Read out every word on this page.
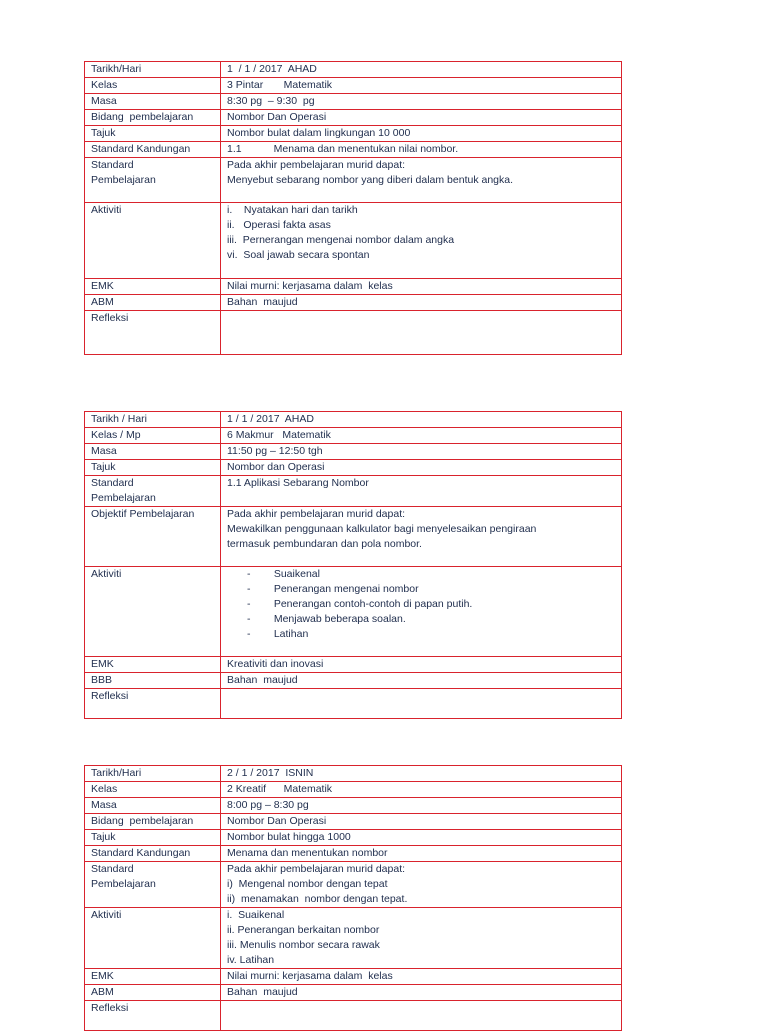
Tarikh/Hari	1  / 1 / 2017  AHAD

Kelas	3 Pintar       Matematik

Masa	8:30 pg  – 9:30  pg

Bidang  pembelajaran	Nombor Dan Operasi

Tajuk	Nombor bulat dalam lingkungan 10 000

Standard Kandungan	1.1           Menama dan menentukan nilai nombor.

Standard
Pembelajaran	Pada akhir pembelajaran murid dapat:
Menyebut sebarang nombor yang diberi dalam bentuk angka.

Aktiviti	i.    Nyatakan hari dan tarikh
ii.   Operasi fakta asas
iii.  Pernerangan mengenai nombor dalam angka
vi.  Soal jawab secara spontan

EMK	Nilai murni: kerjasama dalam  kelas

ABM	Bahan  maujud

Refleksi	

Tarikh / Hari	1 / 1 / 2017  AHAD

Kelas / Mp	6 Makmur   Matematik

Masa	11:50 pg – 12:50 tgh

Tajuk	Nombor dan Operasi

Standard
Pembelajaran	1.1 Aplikasi Sebarang Nombor

Objektif Pembelajaran	Pada akhir pembelajaran murid dapat:
Mewakilkan penggunaan kalkulator bagi menyelesaikan pengiraan
termasuk pembundaran dan pola nombor.

Aktiviti	-        Suaikenal
-        Penerangan mengenai nombor
-        Penerangan contoh-contoh di papan putih.
-        Menjawab beberapa soalan.
-        Latihan

EMK	Kreativiti dan inovasi

BBB	Bahan  maujud

Refleksi	

Tarikh/Hari	2 / 1 / 2017  ISNIN

Kelas	2 Kreatif      Matematik

Masa	8:00 pg – 8:30 pg

Bidang  pembelajaran	Nombor Dan Operasi

Tajuk	Nombor bulat hingga 1000

Standard Kandungan	Menama dan menentukan nombor

Standard
Pembelajaran	Pada akhir pembelajaran murid dapat:
i)  Mengenal nombor dengan tepat
ii)  menamakan  nombor dengan tepat.

Aktiviti	i.  Suaikenal
ii. Penerangan berkaitan nombor
iii. Menulis nombor secara rawak
iv. Latihan

EMK	Nilai murni: kerjasama dalam  kelas

ABM	Bahan  maujud

Refleksi	
